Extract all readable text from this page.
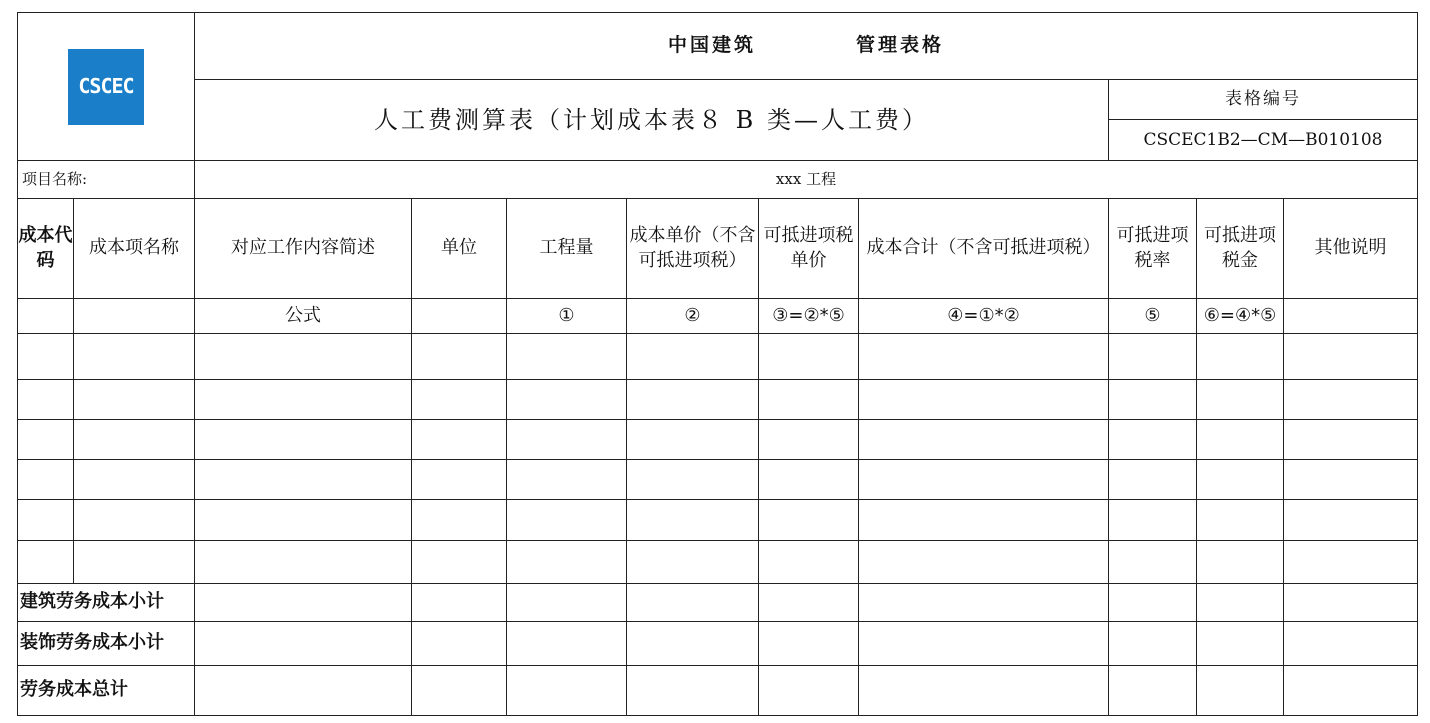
CSCEC		中国建筑 管理表格								
		人工费测算表（计划成本表８ B 类—人工费）						表格编号
CSCEC1B2—CM—B010108		

项目名称:		xxx 工程								
成本代码	成本项名称	对应工作内容简述	单位	工程量	成本单价（不含可抵进项税）	可抵进项税单价	成本合计（不含可抵进项税）	可抵进项税率	可抵进项税金	其他说明
		公式		①	②	③=②*⑤	④=①*②	⑤	⑥=④*⑤	

建筑劳务成本小计										
装饰劳务成本小计										
劳务成本总计										
